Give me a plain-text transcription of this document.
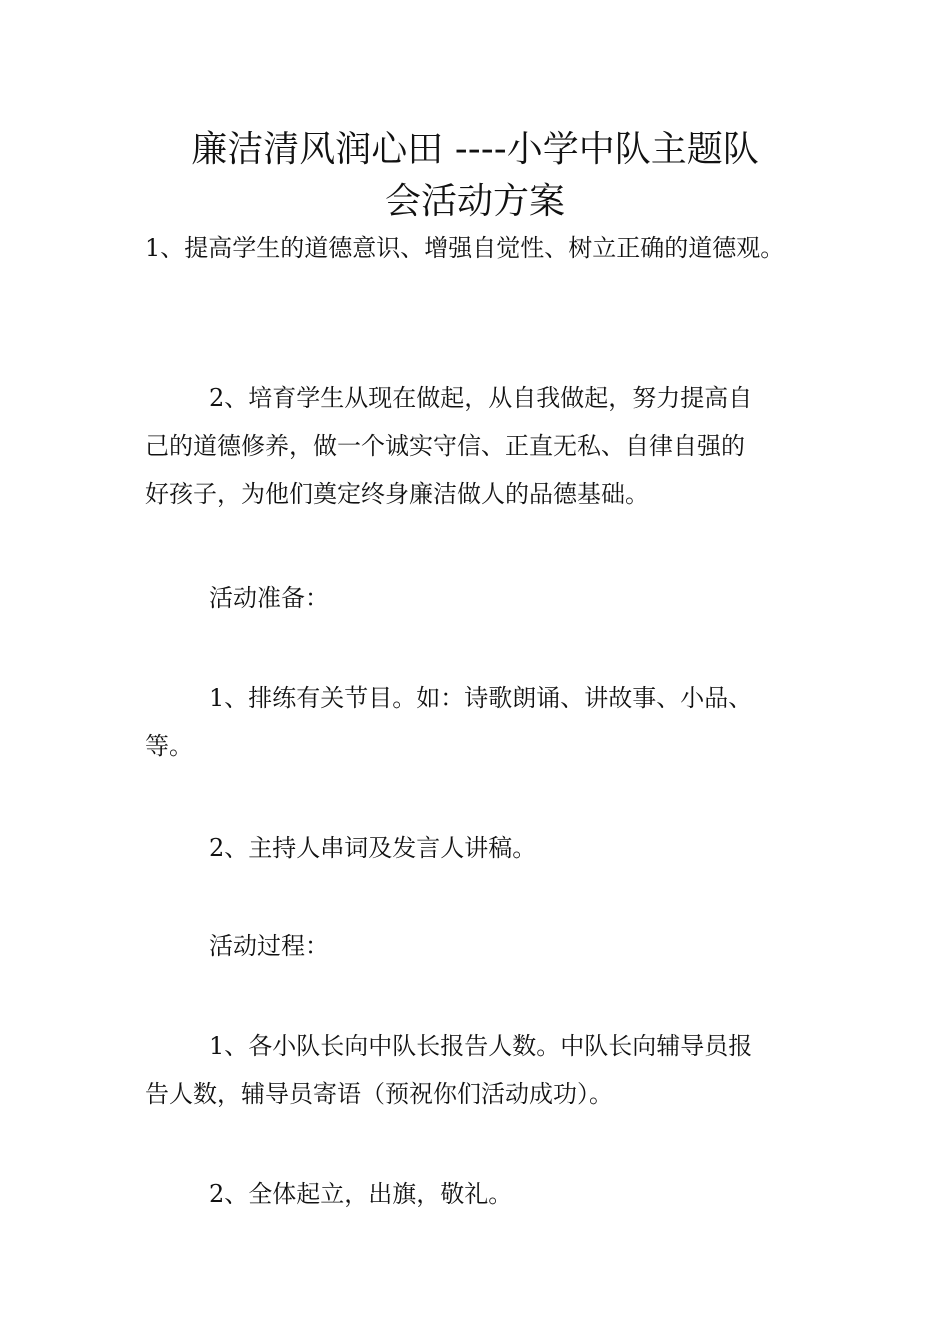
廉洁清风润心田 ----小学中队主题队
会活动方案

1、提高学生的道德意识、增强自觉性、树立正确的道德观。

2、培育学生从现在做起，从自我做起，努力提高自
己的道德修养，做一个诚实守信、正直无私、自律自强的
好孩子，为他们奠定终身廉洁做人的品德基础。

活动准备：

1、排练有关节目。如：诗歌朗诵、讲故事、小品、
等。

2、主持人串词及发言人讲稿。

活动过程：

1、各小队长向中队长报告人数。中队长向辅导员报
告人数，辅导员寄语（预祝你们活动成功）。

2、全体起立，出旗，敬礼。
